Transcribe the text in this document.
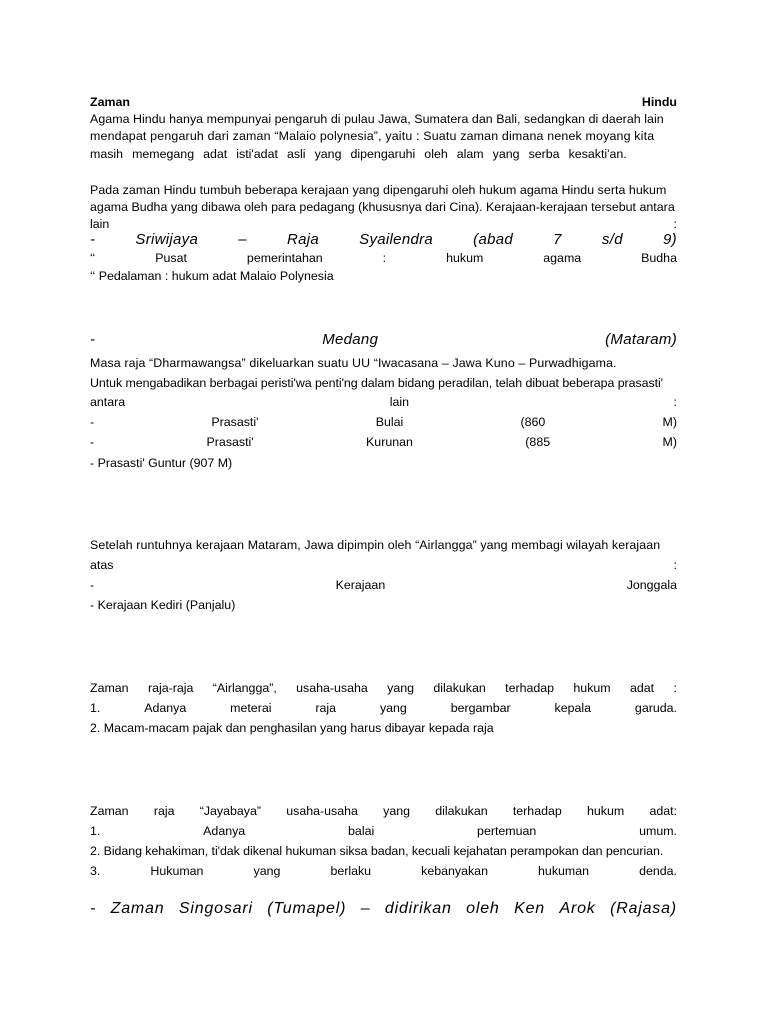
Zaman	Hindu
Agama Hindu hanya mempunyai pengaruh di pulau Jawa, Sumatera dan Bali, sedangkan di daerah lain
mendapat pengaruh dari zaman “Malaio polynesia”, yaitu : Suatu zaman dimana nenek moyang kita
masih memegang adat isti'adat asli yang dipengaruhi oleh alam yang serba kesakti'an.
Pada zaman Hindu tumbuh beberapa kerajaan yang dipengaruhi oleh hukum agama Hindu serta hukum
agama Budha yang dibawa oleh para pedagang (khususnya dari Cina). Kerajaan-kerajaan tersebut antara
lain	:
-	Sriwijaya	–	Raja	Syailendra	(abad	7	s/d	9)
‘‘	Pusat	pemerintahan	:	hukum	agama	Budha
‘‘ Pedalaman : hukum adat Malaio Polynesia
-	Medang	(Mataram)
Masa raja “Dharmawangsa” dikeluarkan suatu UU “Iwacasana – Jawa Kuno – Purwadhigama.
Untuk mengabadikan berbagai peristi'wa penti'ng dalam bidang peradilan, telah dibuat beberapa prasasti'
antara	lain	:
-	Prasasti'	Bulai	(860	M)
-	Prasasti'	Kurunan	(885	M)
- Prasasti' Guntur (907 M)
Setelah runtuhnya kerajaan Mataram, Jawa dipimpin oleh “Airlangga” yang membagi wilayah kerajaan
atas	:
-	Kerajaan	Jonggala
- Kerajaan Kediri (Panjalu)
Zaman raja-raja “Airlangga”, usaha-usaha yang dilakukan terhadap hukum adat :
1.	Adanya	meterai	raja	yang	bergambar	kepala	garuda.
2. Macam-macam pajak dan penghasilan yang harus dibayar kepada raja
Zaman raja “Jayabaya” usaha-usaha yang dilakukan terhadap hukum adat:
1.	Adanya	balai	pertemuan	umum.
2. Bidang kehakiman, ti'dak dikenal hukuman siksa badan, kecuali kejahatan perampokan dan pencurian.
3.	Hukuman	yang	berlaku	kebanyakan	hukuman	denda.
- Zaman Singosari (Tumapel) – didirikan oleh Ken Arok (Rajasa)
